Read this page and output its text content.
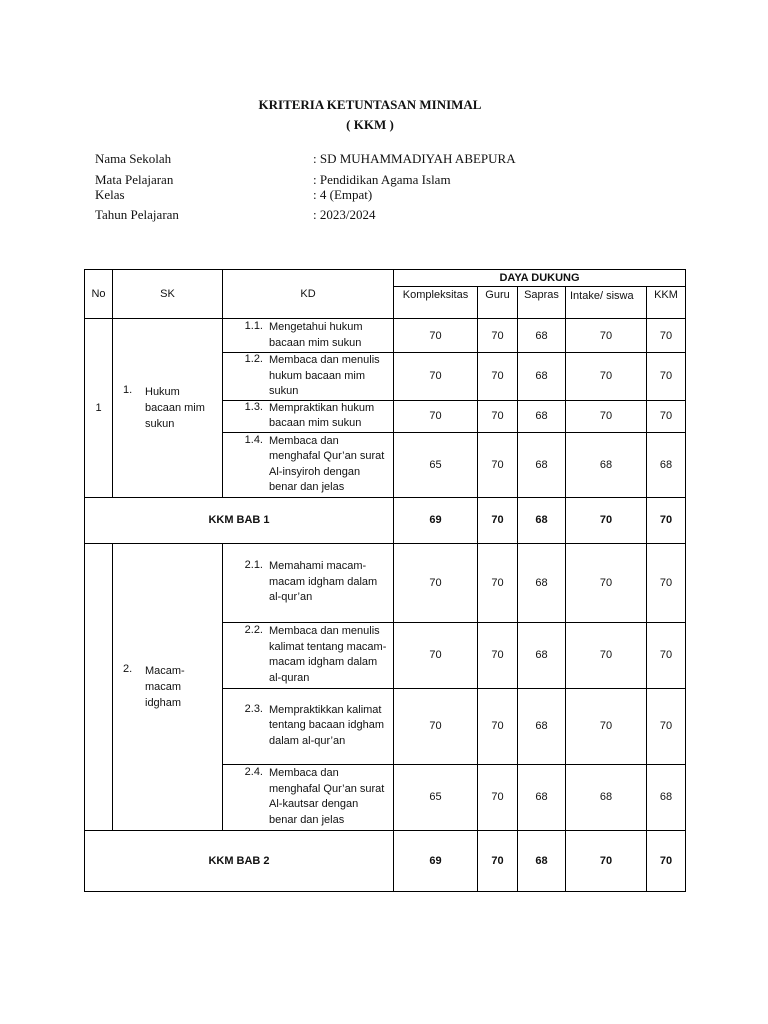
KRITERIA KETUNTASAN MINIMAL
( KKM )
Nama Sekolah	: SD MUHAMMADIYAH ABEPURA
Mata Pelajaran	: Pendidikan Agama Islam
Kelas	: 4 (Empat)
Tahun Pelajaran	: 2023/2024
No	SK	KD	DAYA DUKUNG				
			Kompleksitas	Guru	Sapras	Intake/ siswa	KKM
1	1. Hukum bacaan mim sukun	1.1. Mengetahui hukum bacaan mim sukun	70	70	68	70	70

		1.2. Membaca dan menulis hukum bacaan mim sukun	70	70	68	70	70

		1.3. Mempraktikan hukum bacaan mim sukun	70	70	68	70	70

		1.4. Membaca dan menghafal Qur’an surat Al-insyiroh dengan benar dan jelas	65	70	68	68	68
KKM BAB 1			69	70	68	70	70

	2. Macam-macam idgham	2.1. Memahami macam-macam idgham dalam al-qur’an	70	70	68	70	70

		2.2. Membaca dan menulis kalimat tentang macam-macam idgham dalam al-quran	70	70	68	70	70

		2.3. Mempraktikkan kalimat tentang bacaan idgham dalam al-qur’an	70	70	68	70	70

		2.4. Membaca dan menghafal Qur’an surat Al-kautsar dengan benar dan jelas	65	70	68	68	68
KKM BAB 2			69	70	68	70	70
